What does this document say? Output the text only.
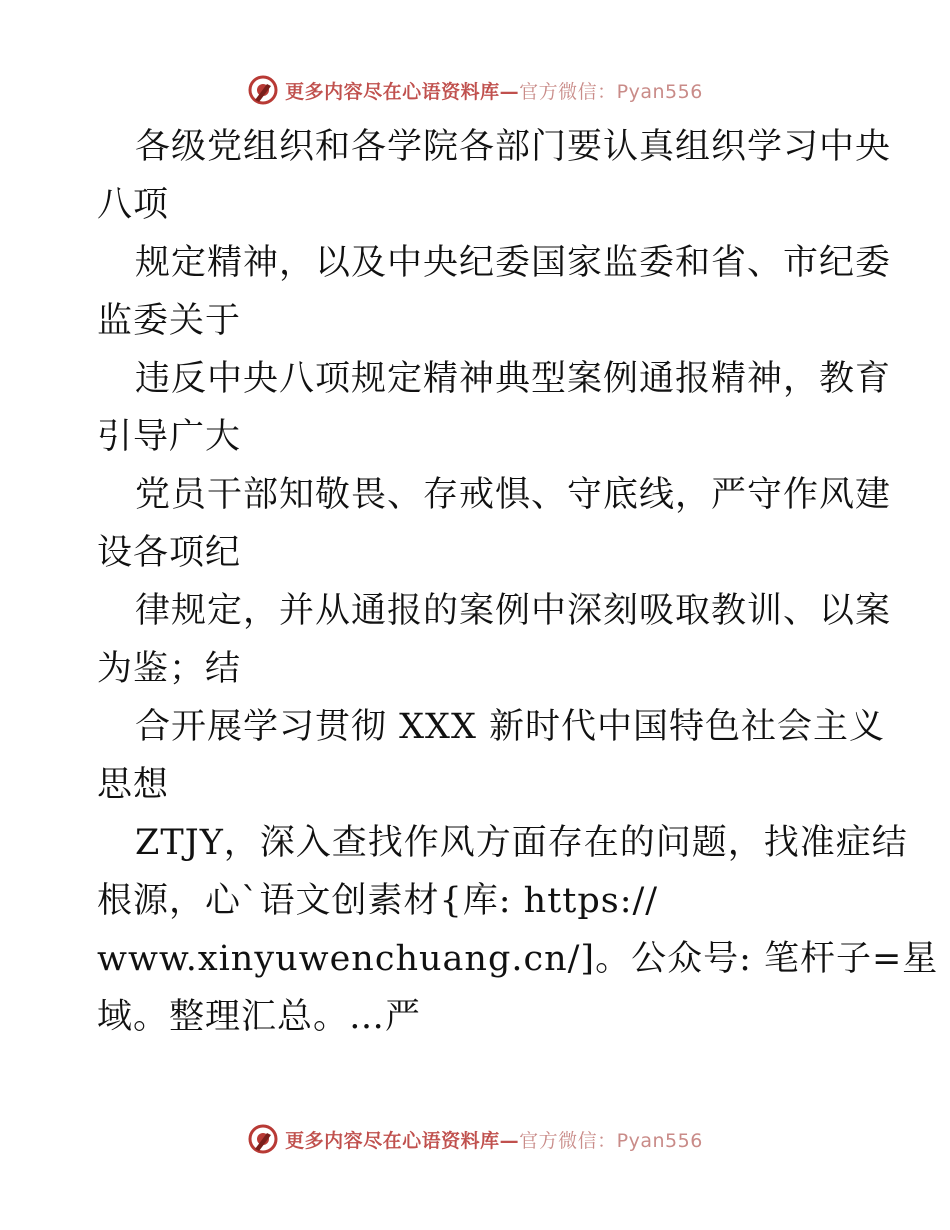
更多内容尽在心语资料库—官方微信：Pyan556
各级党组织和各学院各部门要认真组织学习中央
八项
规定精神，以及中央纪委国家监委和省、市纪委
监委关于
违反中央八项规定精神典型案例通报精神，教育
引导广大
党员干部知敬畏、存戒惧、守底线，严守作风建
设各项纪
律规定，并从通报的案例中深刻吸取教训、以案
为鉴；结
合开展学习贯彻 XXX 新时代中国特色社会主义
思想
ZTJY，深入查找作风方面存在的问题，找准症结
根源，心`语文创素材{库: https://
www.xinyuwenchuang.cn/]。公众号: 笔杆子=星
域。整理汇总。…严
更多内容尽在心语资料库—官方微信：Pyan556
